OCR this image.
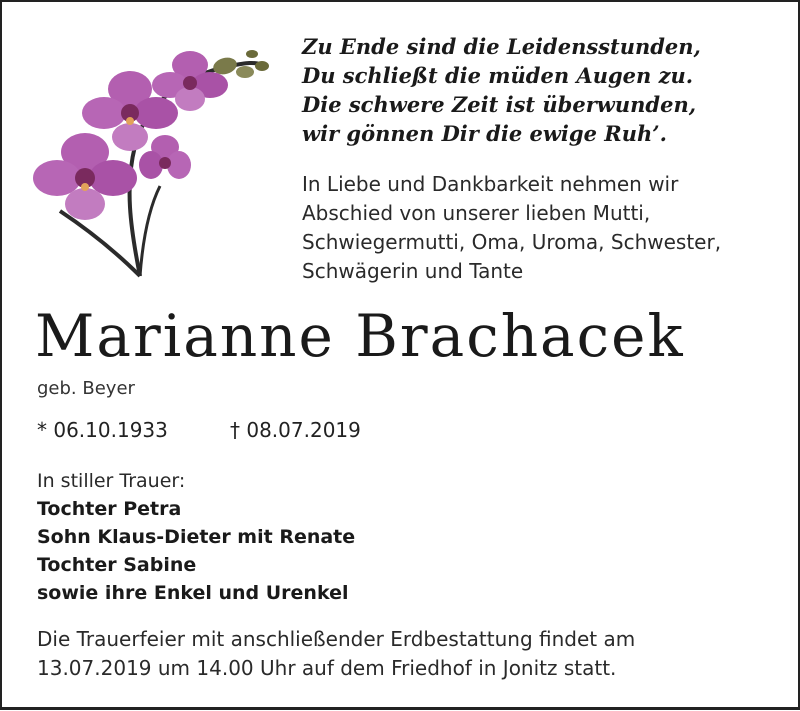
Zu Ende sind die Leidensstunden,
Du schließt die müden Augen zu.
Die schwere Zeit ist überwunden,
wir gönnen Dir die ewige Ruh’.
In Liebe und Dankbarkeit nehmen wir
Abschied von unserer lieben Mutti,
Schwiegermutti, Oma, Uroma, Schwester,
Schwägerin und Tante
Marianne Brachacek
geb. Beyer
* 06.10.1933	† 08.07.2019
In stiller Trauer:
Tochter Petra
Sohn Klaus-Dieter mit Renate
Tochter Sabine
sowie ihre Enkel und Urenkel
Die Trauerfeier mit anschließender Erdbestattung findet am
13.07.2019 um 14.00 Uhr auf dem Friedhof in Jonitz statt.
